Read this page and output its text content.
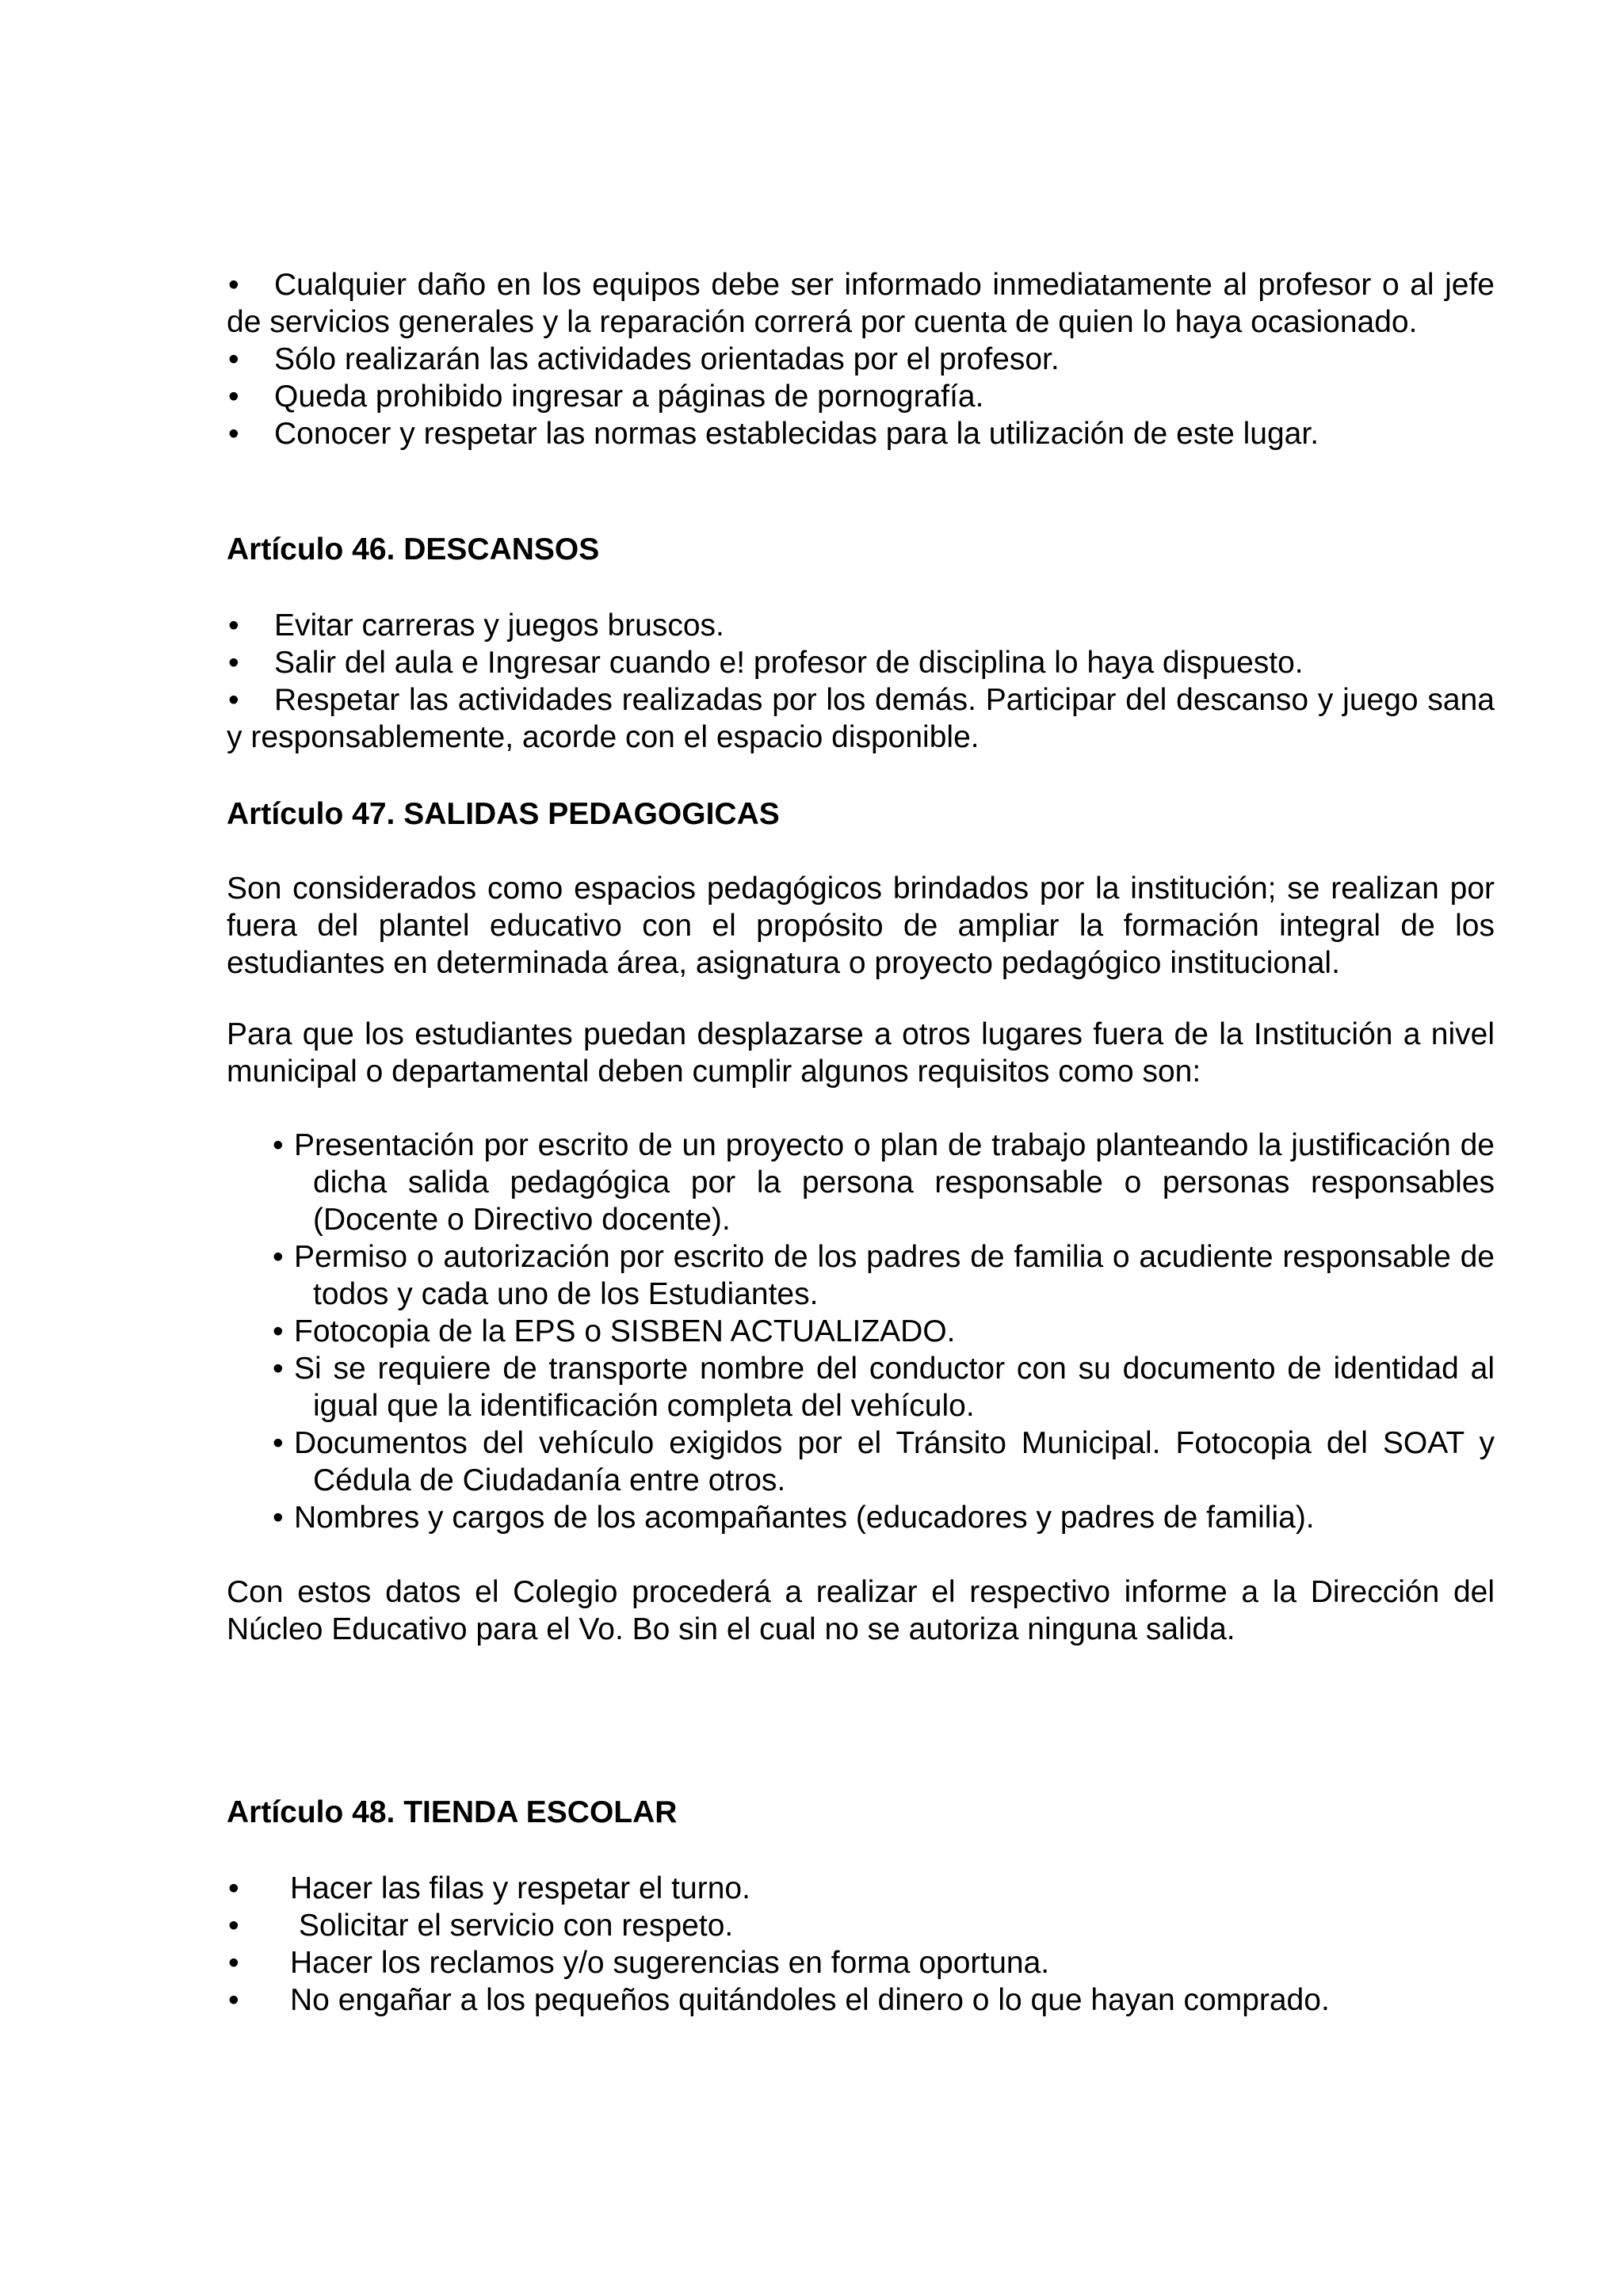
• Cualquier daño en los equipos debe ser informado inmediatamente al profesor o al jefe de servicios generales y la reparación correrá por cuenta de quien lo haya ocasionado.
• Sólo realizarán las actividades orientadas por el profesor.
• Queda prohibido ingresar a páginas de pornografía.
• Conocer y respetar las normas establecidas para la utilización de este lugar.
Artículo 46. DESCANSOS
• Evitar carreras y juegos bruscos.
• Salir del aula e Ingresar cuando e! profesor de disciplina lo haya dispuesto.
• Respetar las actividades realizadas por los demás. Participar del descanso y juego sana y responsablemente, acorde con el espacio disponible.
Artículo 47. SALIDAS PEDAGOGICAS
Son considerados como espacios pedagógicos brindados por la institución; se realizan por fuera del plantel educativo con el propósito de ampliar la formación integral de los estudiantes en determinada área, asignatura o proyecto pedagógico institucional.
Para que los estudiantes puedan desplazarse a otros lugares fuera de la Institución a nivel municipal o departamental deben cumplir algunos requisitos como son:
• Presentación por escrito de un proyecto o plan de trabajo planteando la justificación de dicha salida pedagógica por la persona responsable o personas responsables (Docente o Directivo docente).
• Permiso o autorización por escrito de los padres de familia o acudiente responsable de todos y cada uno de los Estudiantes.
• Fotocopia de la EPS o SISBEN ACTUALIZADO.
• Si se requiere de transporte nombre del conductor con su documento de identidad al igual que la identificación completa del vehículo.
• Documentos del vehículo exigidos por el Tránsito Municipal. Fotocopia del SOAT y Cédula de Ciudadanía entre otros.
• Nombres y cargos de los acompañantes (educadores y padres de familia).
Con estos datos el Colegio procederá a realizar el respectivo informe a la Dirección del Núcleo Educativo para el Vo. Bo sin el cual no se autoriza ninguna salida.
Artículo 48. TIENDA ESCOLAR
• Hacer las filas y respetar el turno.
• Solicitar el servicio con respeto.
• Hacer los reclamos y/o sugerencias en forma oportuna.
• No engañar a los pequeños quitándoles el dinero o lo que hayan comprado.
